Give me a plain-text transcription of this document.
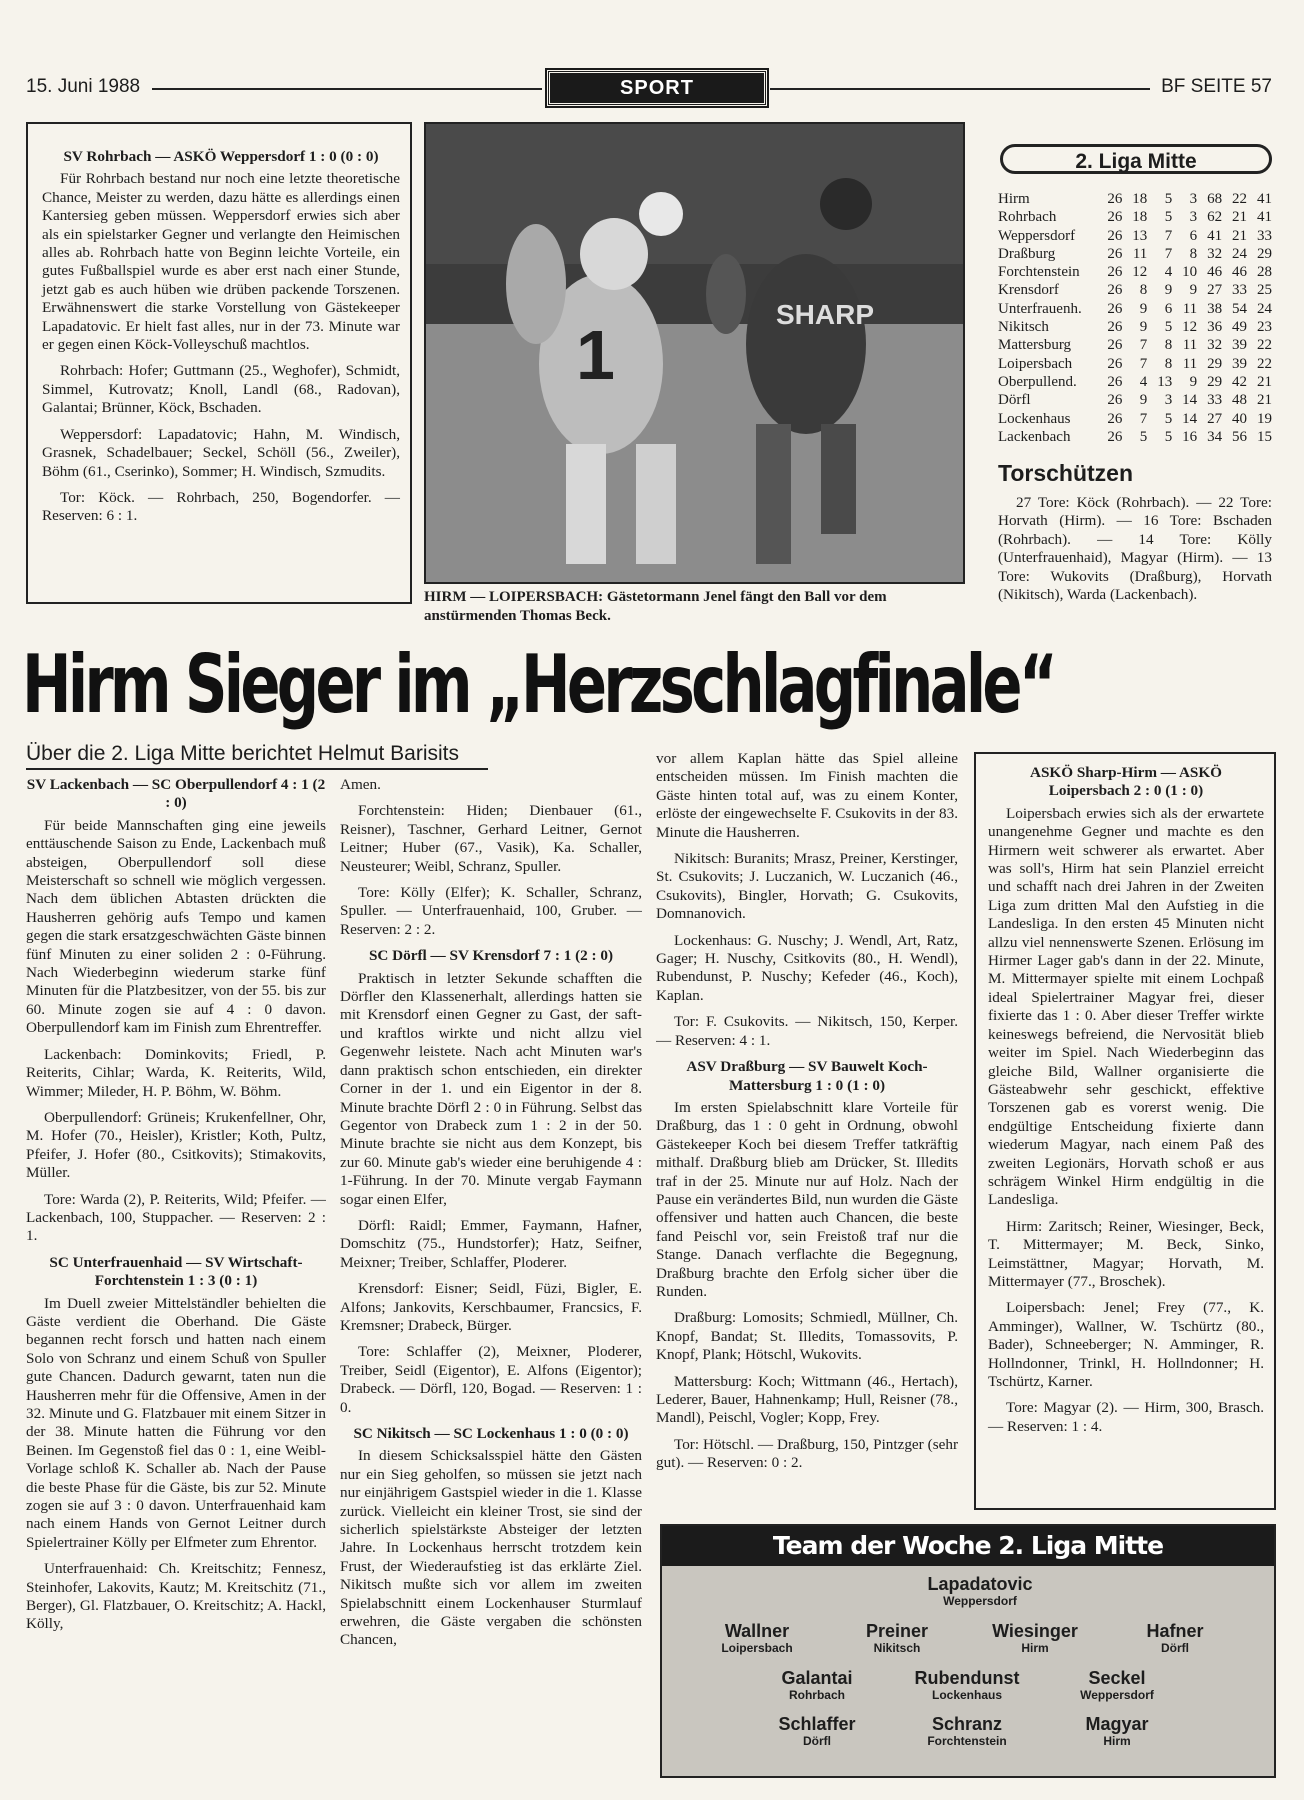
15. Juni 1988	SPORT	BF SEITE 57
SV Rohrbach — ASKÖ Weppersdorf 1 : 0 (0 : 0)

Für Rohrbach bestand nur noch eine letzte theoretische Chance, Meister zu werden, dazu hätte es allerdings einen Kantersieg geben müssen. Weppersdorf erwies sich aber als ein spielstarker Gegner und verlangte den Heimischen alles ab. Rohrbach hatte von Beginn leichte Vorteile, ein gutes Fußballspiel wurde es aber erst nach einer Stunde, jetzt gab es auch hüben wie drüben packende Torszenen. Erwähnenswert die starke Vorstellung von Gästekeeper Lapadatovic. Er hielt fast alles, nur in der 73. Minute war er gegen einen Köck-Volleyschuß machtlos.

Rohrbach: Hofer; Guttmann (25., Weghofer), Schmidt, Simmel, Kutrovatz; Knoll, Landl (68., Radovan), Galantai; Brünner, Köck, Bschaden.

Weppersdorf: Lapadatovic; Hahn, M. Windisch, Grasnek, Schadelbauer; Seckel, Schöll (56., Zweiler), Böhm (61., Cserinko), Sommer; H. Windisch, Szmudits.

Tor: Köck. — Rohrbach, 250, Bogendorfer. — Reserven: 6 : 1.

1
SHARP
HIRM — LOIPERSBACH: Gästetormann Jenel fängt den Ball vor dem anstürmenden Thomas Beck.
2. Liga Mitte
Hirm	26	18	5	3	68	22	41
Rohrbach	26	18	5	3	62	21	41
Weppersdorf	26	13	7	6	41	21	33
Draßburg	26	11	7	8	32	24	29
Forchtenstein	26	12	4	10	46	46	28
Krensdorf	26	8	9	9	27	33	25
Unterfrauenh.	26	9	6	11	38	54	24
Nikitsch	26	9	5	12	36	49	23
Mattersburg	26	7	8	11	32	39	22
Loipersbach	26	7	8	11	29	39	22
Oberpullend.	26	4	13	9	29	42	21
Dörfl	26	9	3	14	33	48	21
Lockenhaus	26	7	5	14	27	40	19
Lackenbach	26	5	5	16	34	56	15
Torschützen
27 Tore: Köck (Rohrbach). — 22 Tore: Horvath (Hirm). — 16 Tore: Bschaden (Rohrbach). — 14 Tore: Kölly (Unterfrauenhaid), Magyar (Hirm). — 13 Tore: Wukovits (Draßburg), Horvath (Nikitsch), Warda (Lackenbach).
Hirm Sieger im „Herzschlagfinale“
Über die 2. Liga Mitte berichtet Helmut Barisits
SV Lackenbach — SC Oberpullendorf 4 : 1 (2 : 0)

Für beide Mannschaften ging eine jeweils enttäuschende Saison zu Ende, Lackenbach muß absteigen, Oberpullendorf soll diese Meisterschaft so schnell wie möglich vergessen. Nach dem üblichen Abtasten drückten die Hausherren gehörig aufs Tempo und kamen gegen die stark ersatzgeschwächten Gäste binnen fünf Minuten zu einer soliden 2 : 0-Führung. Nach Wiederbeginn wiederum starke fünf Minuten für die Platzbesitzer, von der 55. bis zur 60. Minute zogen sie auf 4 : 0 davon. Oberpullendorf kam im Finish zum Ehrentreffer.

Lackenbach: Dominkovits; Friedl, P. Reiterits, Cihlar; Warda, K. Reiterits, Wild, Wimmer; Mileder, H. P. Böhm, W. Böhm.

Oberpullendorf: Grüneis; Krukenfellner, Ohr, M. Hofer (70., Heisler), Kristler; Koth, Pultz, Pfeifer, J. Hofer (80., Csitkovits); Stimakovits, Müller.

Tore: Warda (2), P. Reiterits, Wild; Pfeifer. — Lackenbach, 100, Stuppacher. — Reserven: 2 : 1.

SC Unterfrauenhaid — SV Wirtschaft-Forchtenstein 1 : 3 (0 : 1)

Im Duell zweier Mittelständler behielten die Gäste verdient die Oberhand. Die Gäste begannen recht forsch und hatten nach einem Solo von Schranz und einem Schuß von Spuller gute Chancen. Dadurch gewarnt, taten nun die Hausherren mehr für die Offensive, Amen in der 32. Minute und G. Flatzbauer mit einem Sitzer in der 38. Minute hatten die Führung vor den Beinen. Im Gegenstoß fiel das 0 : 1, eine Weibl-Vorlage schloß K. Schaller ab. Nach der Pause die beste Phase für die Gäste, bis zur 52. Minute zogen sie auf 3 : 0 davon. Unterfrauenhaid kam nach einem Hands von Gernot Leitner durch Spielertrainer Kölly per Elfmeter zum Ehrentor.

Unterfrauenhaid: Ch. Kreitschitz; Fennesz, Steinhofer, Lakovits, Kautz; M. Kreitschitz (71., Berger), Gl. Flatzbauer, O. Kreitschitz; A. Hackl, Kölly,

Amen.

Forchtenstein: Hiden; Dienbauer (61., Reisner), Taschner, Gerhard Leitner, Gernot Leitner; Huber (67., Vasik), Ka. Schaller, Neusteurer; Weibl, Schranz, Spuller.

Tore: Kölly (Elfer); K. Schaller, Schranz, Spuller. — Unterfrauenhaid, 100, Gruber. — Reserven: 2 : 2.

SC Dörfl — SV Krensdorf 7 : 1 (2 : 0)

Praktisch in letzter Sekunde schafften die Dörfler den Klassenerhalt, allerdings hatten sie mit Krensdorf einen Gegner zu Gast, der saft- und kraftlos wirkte und nicht allzu viel Gegenwehr leistete. Nach acht Minuten war's dann praktisch schon entschieden, ein direkter Corner in der 1. und ein Eigentor in der 8. Minute brachte Dörfl 2 : 0 in Führung. Selbst das Gegentor von Drabeck zum 1 : 2 in der 50. Minute brachte sie nicht aus dem Konzept, bis zur 60. Minute gab's wieder eine beruhigende 4 : 1-Führung. In der 70. Minute vergab Faymann sogar einen Elfer,

Dörfl: Raidl; Emmer, Faymann, Hafner, Domschitz (75., Hundstorfer); Hatz, Seifner, Meixner; Treiber, Schlaffer, Ploderer.

Krensdorf: Eisner; Seidl, Füzi, Bigler, E. Alfons; Jankovits, Kerschbaumer, Francsics, F. Kremsner; Drabeck, Bürger.

Tore: Schlaffer (2), Meixner, Ploderer, Treiber, Seidl (Eigentor), E. Alfons (Eigentor); Drabeck. — Dörfl, 120, Bogad. — Reserven: 1 : 0.

SC Nikitsch — SC Lockenhaus 1 : 0 (0 : 0)

In diesem Schicksalsspiel hätte den Gästen nur ein Sieg geholfen, so müssen sie jetzt nach nur einjährigem Gastspiel wieder in die 1. Klasse zurück. Vielleicht ein kleiner Trost, sie sind der sicherlich spielstärkste Absteiger der letzten Jahre. In Lockenhaus herrscht trotzdem kein Frust, der Wiederaufstieg ist das erklärte Ziel. Nikitsch mußte sich vor allem im zweiten Spielabschnitt einem Lockenhauser Sturmlauf erwehren, die Gäste vergaben die schönsten Chancen,

vor allem Kaplan hätte das Spiel alleine entscheiden müssen. Im Finish machten die Gäste hinten total auf, was zu einem Konter, erlöste der eingewechselte F. Csukovits in der 83. Minute die Hausherren.

Nikitsch: Buranits; Mrasz, Preiner, Kerstinger, St. Csukovits; J. Luczanich, W. Luczanich (46., Csukovits), Bingler, Horvath; G. Csukovits, Domnanovich.

Lockenhaus: G. Nuschy; J. Wendl, Art, Ratz, Gager; H. Nuschy, Csitkovits (80., H. Wendl), Rubendunst, P. Nuschy; Kefeder (46., Koch), Kaplan.

Tor: F. Csukovits. — Nikitsch, 150, Kerper. — Reserven: 4 : 1.

ASV Draßburg — SV Bauwelt Koch-Mattersburg 1 : 0 (1 : 0)

Im ersten Spielabschnitt klare Vorteile für Draßburg, das 1 : 0 geht in Ordnung, obwohl Gästekeeper Koch bei diesem Treffer tatkräftig mithalf. Draßburg blieb am Drücker, St. Illedits traf in der 25. Minute nur auf Holz. Nach der Pause ein verändertes Bild, nun wurden die Gäste offensiver und hatten auch Chancen, die beste fand Peischl vor, sein Freistoß traf nur die Stange. Danach verflachte die Begegnung, Draßburg brachte den Erfolg sicher über die Runden.

Draßburg: Lomosits; Schmiedl, Müllner, Ch. Knopf, Bandat; St. Illedits, Tomassovits, P. Knopf, Plank; Hötschl, Wukovits.

Mattersburg: Koch; Wittmann (46., Hertach), Lederer, Bauer, Hahnenkamp; Hull, Reisner (78., Mandl), Peischl, Vogler; Kopp, Frey.

Tor: Hötschl. — Draßburg, 150, Pintzger (sehr gut). — Reserven: 0 : 2.

ASKÖ Sharp-Hirm — ASKÖ Loipersbach 2 : 0 (1 : 0)

Loipersbach erwies sich als der erwartete unangenehme Gegner und machte es den Hirmern weit schwerer als erwartet. Aber was soll's, Hirm hat sein Planziel erreicht und schafft nach drei Jahren in der Zweiten Liga zum dritten Mal den Aufstieg in die Landesliga. In den ersten 45 Minuten nicht allzu viel nennenswerte Szenen. Erlösung im Hirmer Lager gab's dann in der 22. Minute, M. Mittermayer spielte mit einem Lochpaß ideal Spielertrainer Magyar frei, dieser fixierte das 1 : 0. Aber dieser Treffer wirkte keineswegs befreiend, die Nervosität blieb weiter im Spiel. Nach Wiederbeginn das gleiche Bild, Wallner organisierte die Gästeabwehr sehr geschickt, effektive Torszenen gab es vorerst wenig. Die endgültige Entscheidung fixierte dann wiederum Magyar, nach einem Paß des zweiten Legionärs, Horvath schoß er aus schrägem Winkel Hirm endgültig in die Landesliga.

Hirm: Zaritsch; Reiner, Wiesinger, Beck, T. Mittermayer; M. Beck, Sinko, Leimstättner, Magyar; Horvath, M. Mittermayer (77., Broschek).

Loipersbach: Jenel; Frey (77., K. Amminger), Wallner, W. Tschürtz (80., Bader), Schneeberger; N. Amminger, R. Hollndonner, Trinkl, H. Hollndonner; H. Tschürtz, Karner.

Tore: Magyar (2). — Hirm, 300, Brasch. — Reserven: 1 : 4.

Team der Woche 2. Liga Mitte
Lapadatovic
Weppersdorf
Wallner
Loipersbach
Preiner
Nikitsch
Wiesinger
Hirm
Hafner
Dörfl
Galantai
Rohrbach
Rubendunst
Lockenhaus
Seckel
Weppersdorf
Schlaffer
Dörfl
Schranz
Forchtenstein
Magyar
Hirm
